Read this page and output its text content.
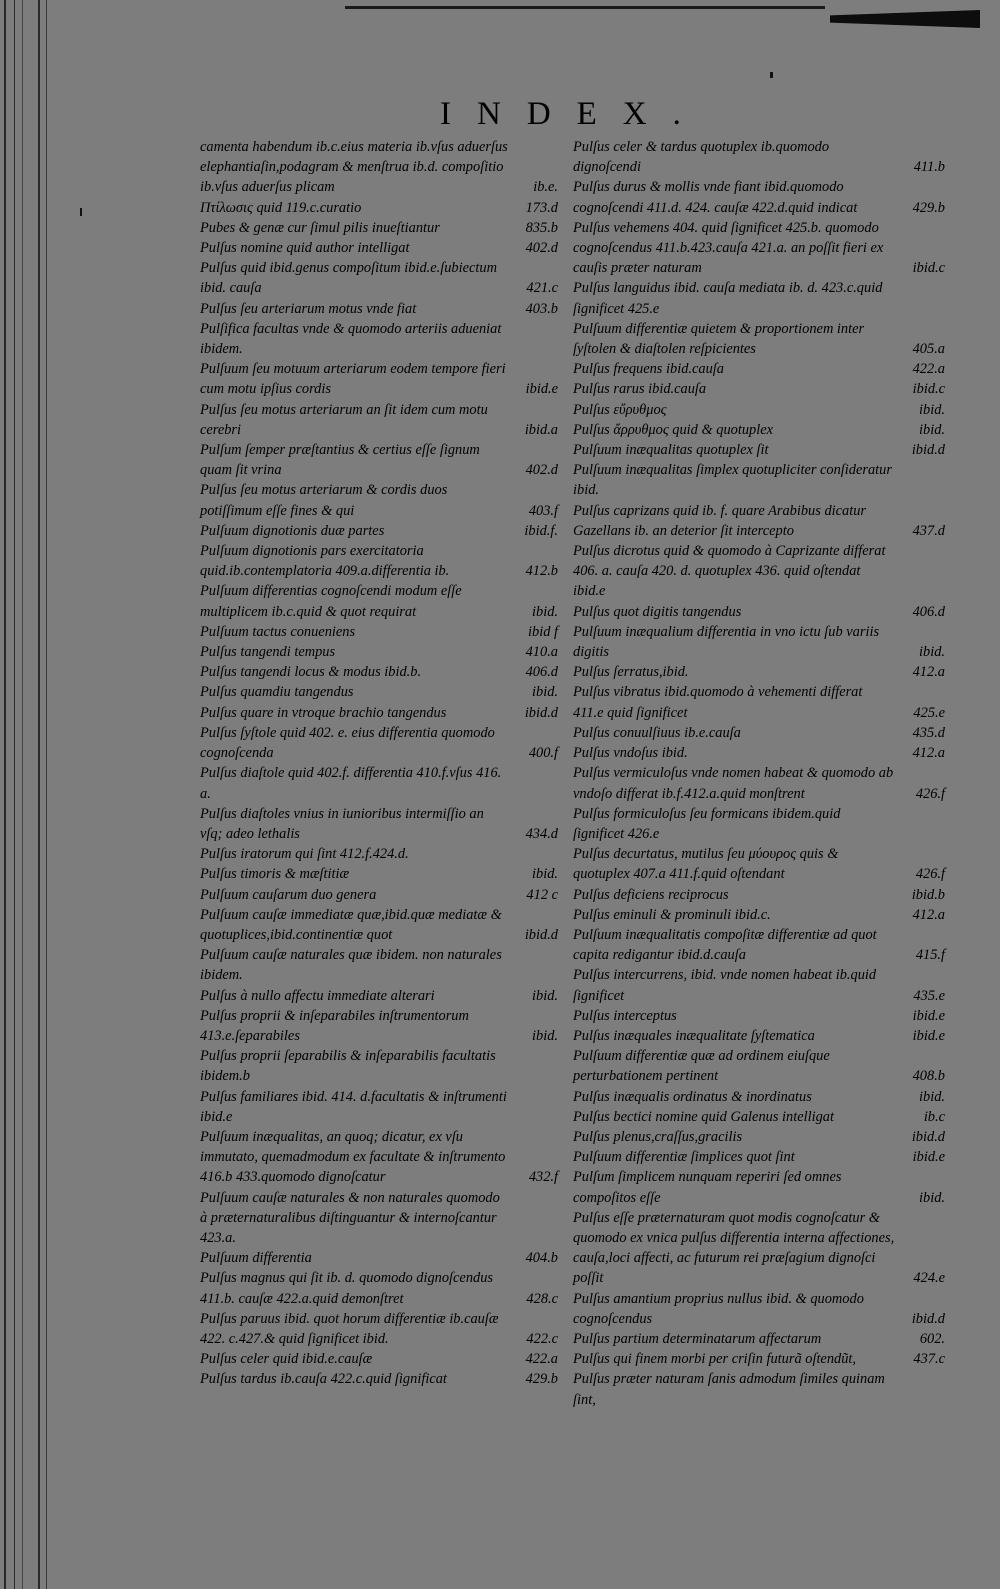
INDEX.

camenta habendum ib.c.eius materia ib.vſus aduerſus elephantiaſin,podagram & menſtrua ib.d. compoſitio ib.vſus aduerſus plicam	ib.e.

Πτίλωσις quid 119.c.curatio	173.d

Pubes & genæ cur ſimul pilis inueſtiantur	835.b

Pulſus nomine quid author intelligat	402.d

Pulſus quid ibid.genus compoſitum ibid.e.ſubiectum ibid. cauſa	421.c

Pulſus ſeu arteriarum motus vnde fiat	403.b

Pulſifica facultas vnde & quomodo arteriis adueniat ibidem.

Pulſuum ſeu motuum arteriarum eodem tempore fieri cum motu ipſius cordis	ibid.e

Pulſus ſeu motus arteriarum an ſit idem cum motu cerebri	ibid.a

Pulſum ſemper præſtantius & certius eſſe ſignum quam ſit vrina	402.d

Pulſus ſeu motus arteriarum & cordis duos potiſſimum eſſe fines & qui	403.f

Pulſuum dignotionis duæ partes	ibid.f.

Pulſuum dignotionis pars exercitatoria quid.ib.contemplatoria 409.a.differentia ib.	412.b

Pulſuum differentias cognoſcendi modum eſſe multiplicem ib.c.quid & quot requirat	ibid.

Pulſuum tactus conueniens	ibid f

Pulſus tangendi tempus	410.a

Pulſus tangendi locus & modus ibid.b.	406.d

Pulſus quamdiu tangendus	ibid.

Pulſus quare in vtroque brachio tangendus	ibid.d

Pulſus ſyſtole quid 402. e. eius differentia quomodo cognoſcenda	400.f

Pulſus diaſtole quid 402.f. differentia 410.f.vſus 416. a.

Pulſus diaſtoles vnius in iunioribus intermiſſio an vſq; adeo lethalis	434.d

Pulſus iratorum qui ſint 412.f.424.d.

Pulſus timoris & mæſtitiæ	ibid.

Pulſuum cauſarum duo genera	412 c

Pulſuum cauſæ immediatæ quæ,ibid.quæ mediatæ & quotuplices,ibid.continentiæ quot	ibid.d

Pulſuum cauſæ naturales quæ ibidem. non naturales ibidem.

Pulſus à nullo affectu immediate alterari	ibid.

Pulſus proprii & inſeparabiles inſtrumentorum 413.e.ſeparabiles	ibid.

Pulſus proprii ſeparabilis & inſeparabilis facultatis ibidem.b

Pulſus familiares ibid. 414. d.facultatis & inſtrumenti ibid.e

Pulſuum inæqualitas, an quoq; dicatur, ex vſu immutato, quemadmodum ex facultate & inſtrumento 416.b 433.quomodo dignoſcatur	432.f

Pulſuum cauſæ naturales & non naturales quomodo à præternaturalibus diſtinguantur & internoſcantur 423.a.

Pulſuum differentia	404.b

Pulſus magnus qui ſit ib. d. quomodo dignoſcendus 411.b. cauſæ 422.a.quid demonſtret	428.c

Pulſus paruus ibid. quot horum differentiæ ib.cauſæ 422. c.427.& quid ſignificet ibid.	422.c

Pulſus celer quid ibid.e.cauſæ	422.a

Pulſus tardus ib.cauſa 422.c.quid ſignificat	429.b

Pulſus celer & tardus quotuplex ib.quomodo dignoſcendi	411.b

Pulſus durus & mollis vnde fiant ibid.quomodo cognoſcendi 411.d. 424. cauſæ 422.d.quid indicat	429.b

Pulſus vehemens 404. quid ſignificet 425.b. quomodo cognoſcendus 411.b.423.cauſa 421.a. an poſſit fieri ex cauſis præter naturam	ibid.c

Pulſus languidus ibid. cauſa mediata ib. d. 423.c.quid ſignificet 425.e

Pulſuum differentiæ quietem & proportionem inter ſyſtolen & diaſtolen reſpicientes	405.a

Pulſus frequens ibid.cauſa	422.a

Pulſus rarus ibid.cauſa	ibid.c

Pulſus εὔρυθμος	ibid.

Pulſus ἄρρυθμος quid & quotuplex	ibid.

Pulſuum inæqualitas quotuplex ſit	ibid.d

Pulſuum inæqualitas ſimplex quotupliciter conſideratur ibid.

Pulſus caprizans quid ib. f. quare Arabibus dicatur Gazellans ib. an deterior ſit intercepto	437.d

Pulſus dicrotus quid & quomodo à Caprizante differat 406. a. cauſa 420. d. quotuplex 436. quid oſtendat ibid.e

Pulſus quot digitis tangendus	406.d

Pulſuum inæqualium differentia in vno ictu ſub variis digitis	ibid.

Pulſus ſerratus,ibid.	412.a

Pulſus vibratus ibid.quomodo à vehementi differat 411.e quid ſignificet	425.e

Pulſus conuulſiuus ib.e.cauſa	435.d

Pulſus vndoſus ibid.	412.a

Pulſus vermiculoſus vnde nomen habeat & quomodo ab vndoſo differat ib.f.412.a.quid monſtrent	426.f

Pulſus formiculoſus ſeu formicans ibidem.quid ſignificet 426.e

Pulſus decurtatus, mutilus ſeu μύουρος quis & quotuplex 407.a 411.f.quid oſtendant	426.f

Pulſus deficiens reciprocus	ibid.b

Pulſus eminuli & prominuli ibid.c.	412.a

Pulſuum inæqualitatis compoſitæ differentiæ ad quot capita redigantur ibid.d.cauſa	415.f

Pulſus intercurrens, ibid. vnde nomen habeat ib.quid ſignificet	435.e

Pulſus interceptus	ibid.e

Pulſus inæquales inæqualitate ſyſtematica	ibid.e

Pulſuum differentiæ quæ ad ordinem eiuſque perturbationem pertinent	408.b

Pulſus inæqualis ordinatus & inordinatus	ibid.

Pulſus bectici nomine quid Galenus intelligat	ib.c

Pulſus plenus,craſſus,gracilis	ibid.d

Pulſuum differentiæ ſimplices quot ſint	ibid.e

Pulſum ſimplicem nunquam reperiri ſed omnes compoſitos eſſe	ibid.

Pulſus eſſe præternaturam quot modis cognoſcatur & quomodo ex vnica pulſus differentia interna affectiones, cauſa,loci affecti, ac futurum rei præſagium dignoſci poſſit	424.e

Pulſus amantium proprius nullus ibid. & quomodo cognoſcendus	ibid.d

Pulſus partium determinatarum affectarum	602.

Pulſus qui finem morbi per criſin futurã oſtendũt,	437.c

Pulſus præter naturam ſanis admodum ſimiles quinam ſint,
